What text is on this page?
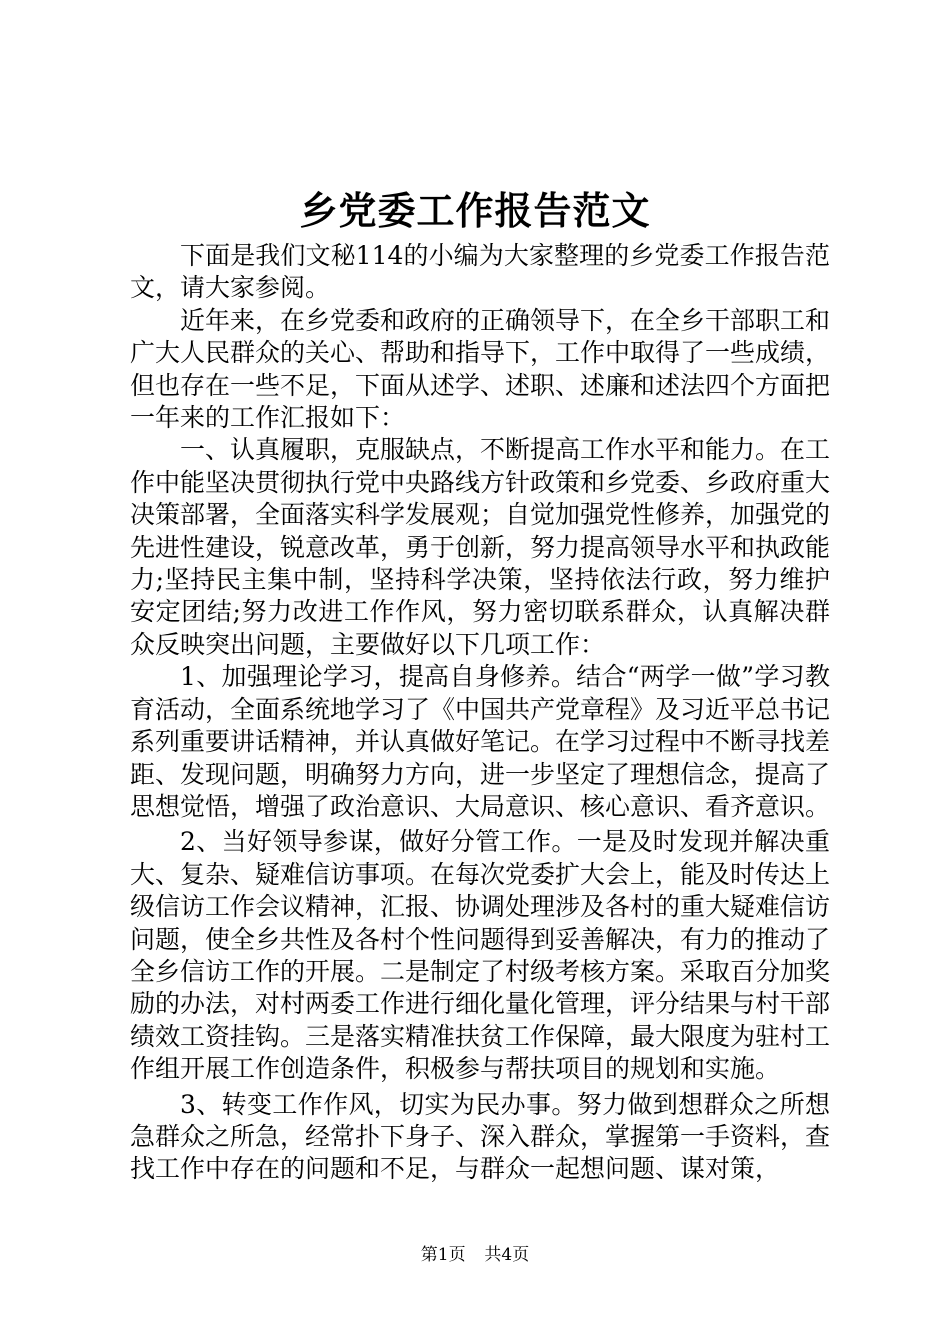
乡党委工作报告范文

下面是我们文秘114的小编为大家整理的乡党委工作报告范文，请大家参阅。

近年来，在乡党委和政府的正确领导下，在全乡干部职工和广大人民群众的关心、帮助和指导下，工作中取得了一些成绩，但也存在一些不足，下面从述学、述职、述廉和述法四个方面把一年来的工作汇报如下：

一、认真履职，克服缺点，不断提高工作水平和能力。在工作中能坚决贯彻执行党中央路线方针政策和乡党委、乡政府重大决策部署，全面落实科学发展观；自觉加强党性修养，加强党的先进性建设，锐意改革，勇于创新，努力提高领导水平和执政能力;坚持民主集中制，坚持科学决策，坚持依法行政，努力维护安定团结;努力改进工作作风，努力密切联系群众，认真解决群众反映突出问题，主要做好以下几项工作：

1、加强理论学习，提高自身修养。结合“两学一做”学习教育活动，全面系统地学习了《中国共产党章程》及习近平总书记系列重要讲话精神，并认真做好笔记。在学习过程中不断寻找差距、发现问题，明确努力方向，进一步坚定了理想信念，提高了思想觉悟，增强了政治意识、大局意识、核心意识、看齐意识。

2、当好领导参谋，做好分管工作。一是及时发现并解决重大、复杂、疑难信访事项。在每次党委扩大会上，能及时传达上级信访工作会议精神，汇报、协调处理涉及各村的重大疑难信访问题，使全乡共性及各村个性问题得到妥善解决，有力的推动了全乡信访工作的开展。二是制定了村级考核方案。采取百分加奖励的办法，对村两委工作进行细化量化管理，评分结果与村干部绩效工资挂钩。三是落实精准扶贫工作保障，最大限度为驻村工作组开展工作创造条件，积极参与帮扶项目的规划和实施。

3、转变工作作风，切实为民办事。努力做到想群众之所想急群众之所急，经常扑下身子、深入群众，掌握第一手资料，查找工作中存在的问题和不足，与群众一起想问题、谋对策，

第1页 共4页
